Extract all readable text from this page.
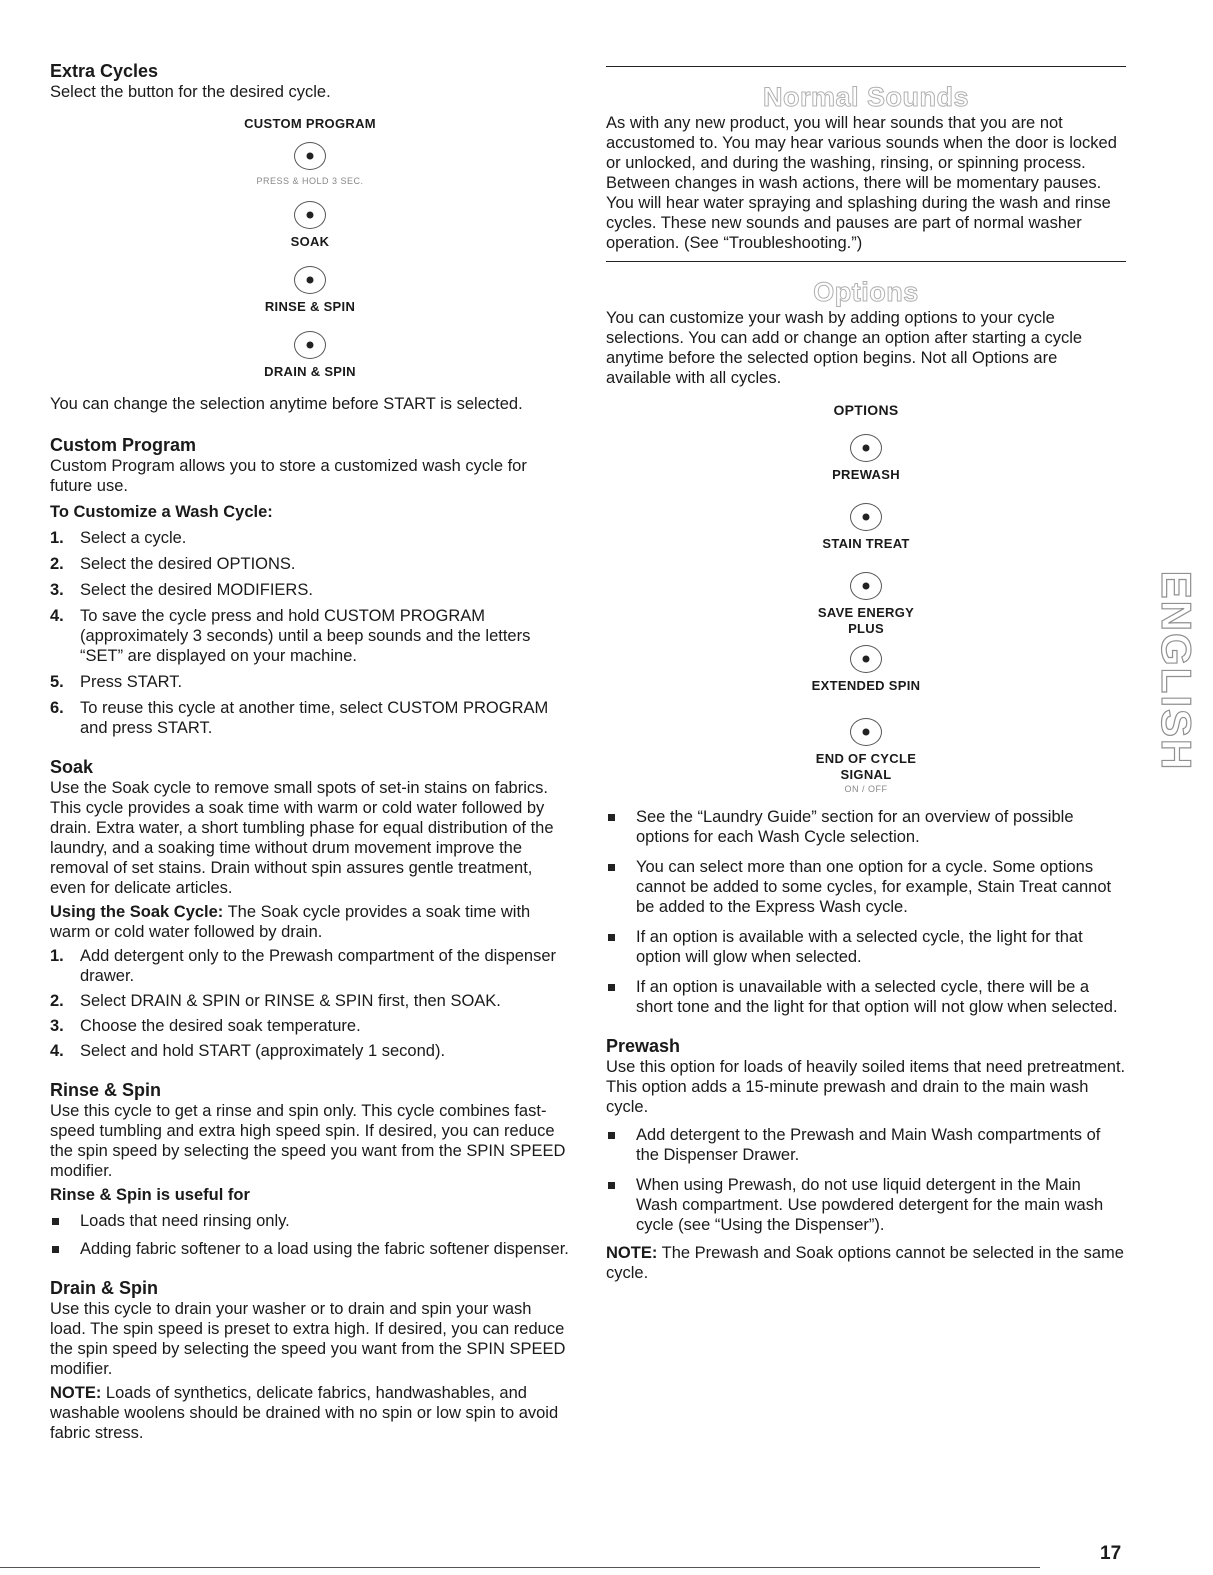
Extra Cycles

Select the button for the desired cycle.

CUSTOM PROGRAM
PRESS & HOLD 3 SEC.
SOAK
RINSE & SPIN
DRAIN & SPIN

You can change the selection anytime before START is selected.

Custom Program

Custom Program allows you to store a customized wash cycle for future use.

To Customize a Wash Cycle:
1. Select a cycle.
2. Select the desired OPTIONS.
3. Select the desired MODIFIERS.
4. To save the cycle press and hold CUSTOM PROGRAM (approximately 3 seconds) until a beep sounds and the letters “SET” are displayed on your machine.
5. Press START.
6. To reuse this cycle at another time, select CUSTOM PROGRAM and press START.
Soak

Use the Soak cycle to remove small spots of set-in stains on fabrics. This cycle provides a soak time with warm or cold water followed by drain. Extra water, a short tumbling phase for equal distribution of the laundry, and a soaking time without drum movement improve the removal of set stains. Drain without spin assures gentle treatment, even for delicate articles.

Using the Soak Cycle: The Soak cycle provides a soak time with warm or cold water followed by drain.

1. Add detergent only to the Prewash compartment of the dispenser drawer.
2. Select DRAIN & SPIN or RINSE & SPIN first, then SOAK.
3. Choose the desired soak temperature.
4. Select and hold START (approximately 1 second).
Rinse & Spin

Use this cycle to get a rinse and spin only. This cycle combines fast-speed tumbling and extra high speed spin. If desired, you can reduce the spin speed by selecting the speed you want from the SPIN SPEED modifier.

Rinse & Spin is useful for
Loads that need rinsing only.
Adding fabric softener to a load using the fabric softener dispenser.
Drain & Spin

Use this cycle to drain your washer or to drain and spin your wash load. The spin speed is preset to extra high. If desired, you can reduce the spin speed by selecting the speed you want from the SPIN SPEED modifier.

NOTE: Loads of synthetics, delicate fabrics, handwashables, and washable woolens should be drained with no spin or low spin to avoid fabric stress.

Normal Sounds

As with any new product, you will hear sounds that you are not accustomed to. You may hear various sounds when the door is locked or unlocked, and during the washing, rinsing, or spinning process. Between changes in wash actions, there will be momentary pauses. You will hear water spraying and splashing during the wash and rinse cycles. These new sounds and pauses are part of normal washer operation. (See “Troubleshooting.”)

Options

You can customize your wash by adding options to your cycle selections. You can add or change an option after starting a cycle anytime before the selected option begins. Not all Options are available with all cycles.

OPTIONS
PREWASH
STAIN TREAT
SAVE ENERGY
PLUS
EXTENDED SPIN
END OF CYCLE
SIGNAL
ON / OFF
See the “Laundry Guide” section for an overview of possible options for each Wash Cycle selection.
You can select more than one option for a cycle. Some options cannot be added to some cycles, for example, Stain Treat cannot be added to the Express Wash cycle.
If an option is available with a selected cycle, the light for that option will glow when selected.
If an option is unavailable with a selected cycle, there will be a short tone and the light for that option will not glow when selected.
Prewash

Use this option for loads of heavily soiled items that need pretreatment. This option adds a 15-minute prewash and drain to the main wash cycle.

Add detergent to the Prewash and Main Wash compartments of the Dispenser Drawer.
When using Prewash, do not use liquid detergent in the Main Wash compartment. Use powdered detergent for the main wash cycle (see “Using the Dispenser”).

NOTE: The Prewash and Soak options cannot be selected in the same cycle.

ENGLISH
17
